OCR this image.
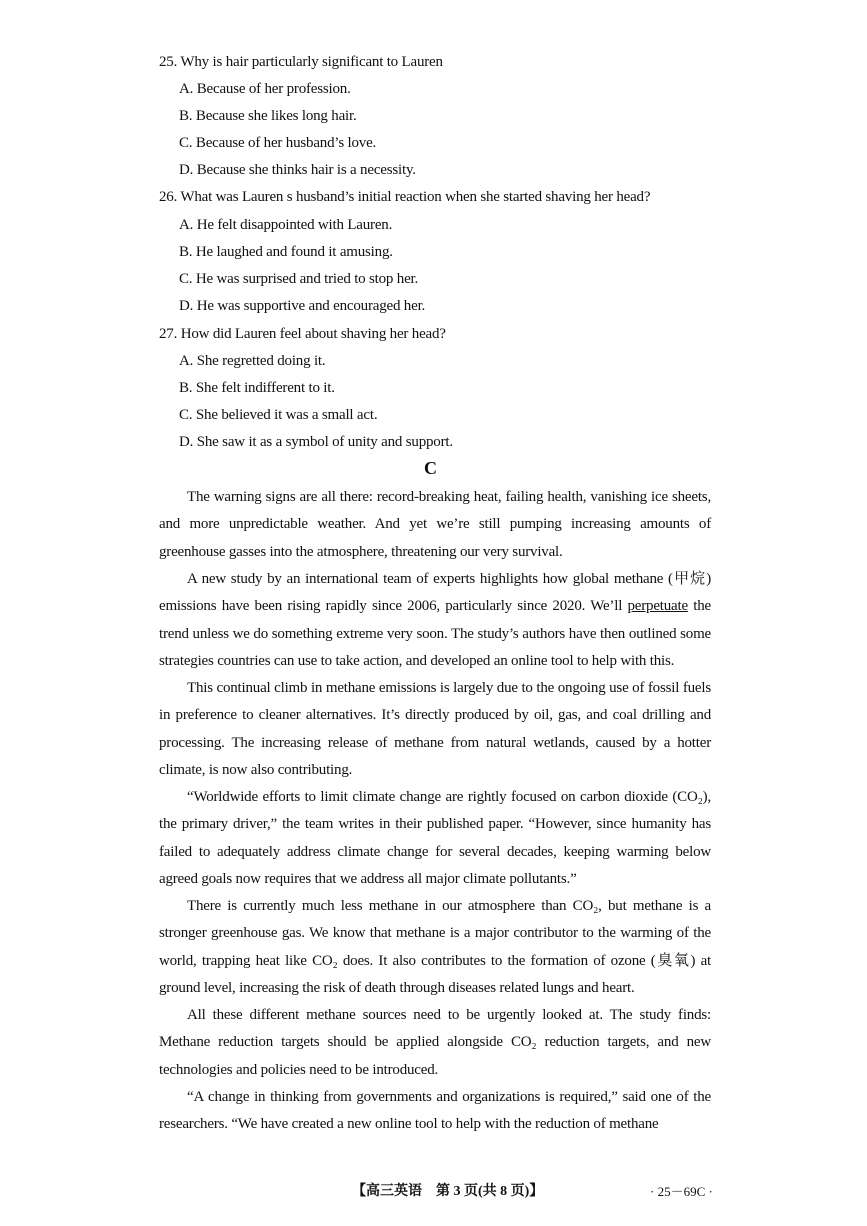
25. Why is hair particularly significant to Lauren
A. Because of her profession.
B. Because she likes long hair.
C. Because of her husband’s love.
D. Because she thinks hair is a necessity.
26. What was Lauren s husband’s initial reaction when she started shaving her head?
A. He felt disappointed with Lauren.
B. He laughed and found it amusing.
C. He was surprised and tried to stop her.
D. He was supportive and encouraged her.
27. How did Lauren feel about shaving her head?
A. She regretted doing it.
B. She felt indifferent to it.
C. She believed it was a small act.
D. She saw it as a symbol of unity and support.
C

The warning signs are all there: record-breaking heat, failing health, vanishing ice sheets, and more unpredictable weather. And yet we’re still pumping increasing amounts of greenhouse gasses into the atmosphere, threatening our very survival.

A new study by an international team of experts highlights how global methane (甲烷) emissions have been rising rapidly since 2006, particularly since 2020. We’ll perpetuate the trend unless we do something extreme very soon. The study’s authors have then outlined some strategies countries can use to take action, and developed an online tool to help with this.

This continual climb in methane emissions is largely due to the ongoing use of fossil fuels in preference to cleaner alternatives. It’s directly produced by oil, gas, and coal drilling and processing. The increasing release of methane from natural wetlands, caused by a hotter climate, is now also contributing.

“Worldwide efforts to limit climate change are rightly focused on carbon dioxide (CO₂), the primary driver,” the team writes in their published paper. “However, since humanity has failed to adequately address climate change for several decades, keeping warming below agreed goals now requires that we address all major climate pollutants.”

There is currently much less methane in our atmosphere than CO₂, but methane is a stronger greenhouse gas. We know that methane is a major contributor to the warming of the world, trapping heat like CO₂ does. It also contributes to the formation of ozone (臭氧) at ground level, increasing the risk of death through diseases related lungs and heart.

All these different methane sources need to be urgently looked at. The study finds: Methane reduction targets should be applied alongside CO₂ reduction targets, and new technologies and policies need to be introduced.

“A change in thinking from governments and organizations is required,” said one of the researchers. “We have created a new online tool to help with the reduction of methane

【高三英语　第 3 页(共 8 页)】	· 25－69C ·
